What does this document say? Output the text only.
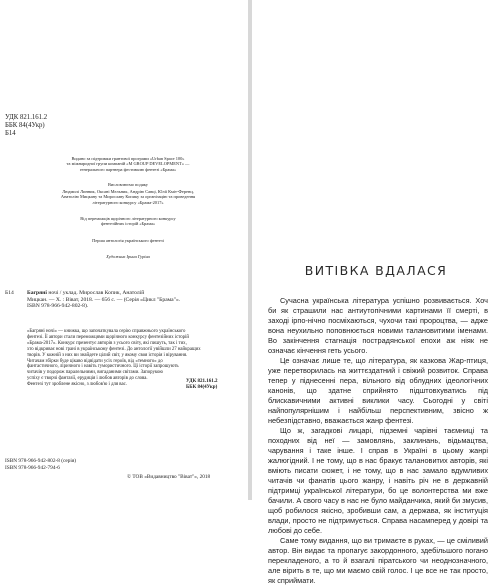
УДК 821.161.2
ББК 84(4Укр)
Б14
Видано за підтримки грантової програми «Urban Space 100»
та міжнародної групи компаній «M GROUP DEVELOPMENT» —
генерального партнера фестивалю фентезі «Брама»
Висловлюємо подяку
Людмилі Линник, Оксані Мельник, Андрію Савці, Юлії Кміт-Ференц,
Анатолію Мицкану та Мирославу Копику за організацію та проведення
літературного конкурсу «Брама-2017»
Від переможців щорічного літературного конкурсу
фентезійних історій «Брама»
Перша антологія українського фентезі
Художник Ірина Гуріна
Б14 Багряні ночі / уклад. Мирослав Копик, Анатолій
Мицкан. — Х. : Віват, 2018. — 656 с. — (Серія «Цикл "Брама"».
ISBN 978-966-942-802-8).
«Багряні ночі» — книжка, що започаткувала серію справжнього українського
фентезі. Її автори стали переможцями щорічного конкурсу фентезійних історій
«Брама-2017». Конкурс презентує авторів з усього світу, які пишуть, так і тих,
хто відкриває нові грані в українському фентезі. До антології увійшли 27 найкращих
творів. У кожній з них ви знайдете цілий світ, у якому своя історія і вірування.
Читачам збірки буде цікаво відвідати усіх героїв, від «темного» до
фантастичного, ліричного і навіть гумористичного. Ці історії запрошують
читачів у подорож паралельними, вигаданими світами. Запорукою
успіху є творчі фантазії, ерудиція і любов авторів до слова.
Фентезі тут зроблене якісно, з любов'ю і для вас.
УДК 821.161.2
ББК 84(4Укр)
ISBN 978-966-942-802-8 (серія)
ISBN 978-966-942-794-6
© ТОВ «Видавництво "Віват"», 2018
ВИТІВКА ВДАЛАСЯ

Сучасна українська література успішно розвивається. Хоч би як страшили нас антиутопічними картинами її смерті, в заході ірпо-нічно посміхаються, чухочи такі пророцтва, — адже вона неухильно поповнюється новими талановитими іменами. Во закінчення стагнація пострадянської епохи аж ніяк не означає кінчення геть усього.

Це означає лише те, що література, як казкова Жар-птиця, уже перетворилась на життєздатний і свіжий розвиток. Справа тепер у піднесенні пера, вільного від облудних ідеологічних канонів, що здатне сприйнято підштовхуватись під блискавичними активні виклики часу. Сьогодні у світі найпопулярнішим і найбільш перспективним, звісно ж небезпідставно, вважається жанр фентезі.

Що ж, загадкові лицарі, підземні чарівні таємниці та походних від неї — замовлянь, заклинань, відьмацтва, чарування і таке інше. І справ в Україні в цьому жанрі жалюгідний. І не тому, що в нас бракує талановитих авторів, які вміють писати сюжет, і не тому, що в нас замало вдумливих читачів чи фанатів цього жанру, і навіть річ не в державній підтримці української літератури, бо це волонтерства ми вже бачили. А свого часу в нас не було майданчика, який би змусив, щоб робилося якісно, зробивши сам, а держава, як інституція влади, просто не підтримується. Справа насамперед у довірі та любові до себе.

Саме тому видання, що ви тримаєте в руках, — це сміливий автор. Він видає та пропагує закордонного, здебільшого погано перекладеного, а то й взагалі піратського чи неоднозначного, але вірить в те, що ми маємо свій голос. І це все не так просто, як сприймати.
